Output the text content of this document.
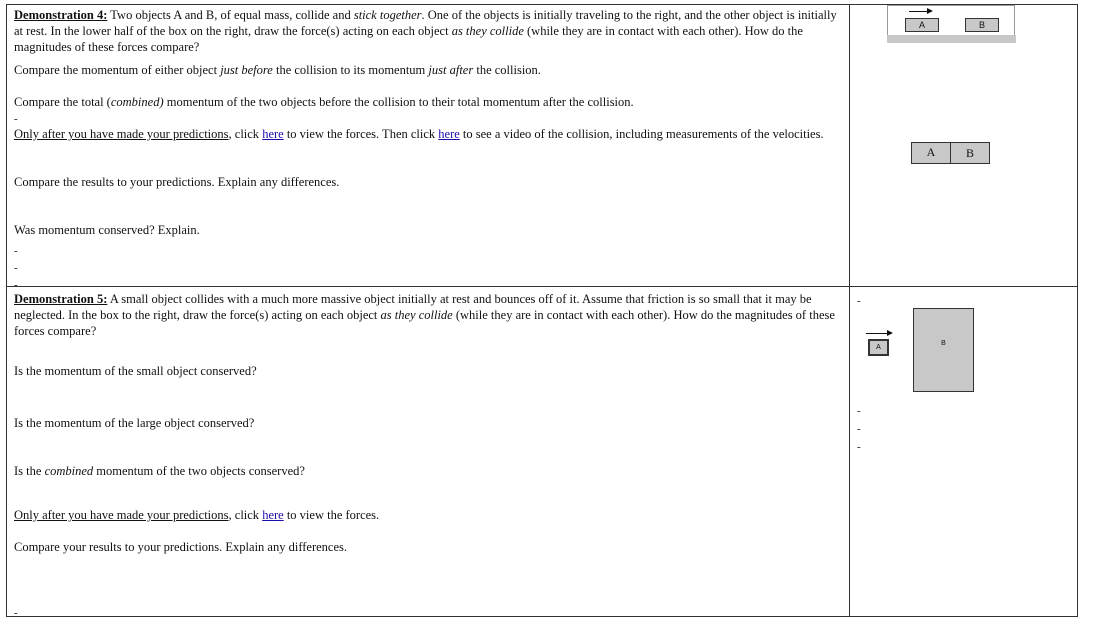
Demonstration 4: Two objects A and B, of equal mass, collide and stick together. One of the objects is initially traveling to the right, and the other object is initially at rest. In the lower half of the box on the right, draw the force(s) acting on each object as they collide (while they are in contact with each other). How do the magnitudes of these forces compare?
Compare the momentum of either object just before the collision to its momentum just after the collision.
Compare the total (combined) momentum of the two objects before the collision to their total momentum after the collision.
-
Only after you have made your predictions, click here to view the forces. Then click here to see a video of the collision, including measurements of the velocities.
Compare the results to your predictions. Explain any differences.
Was momentum conserved? Explain.
-
-
-
A	B
A	B
Demonstration 5: A small object collides with a much more massive object initially at rest and bounces off of it. Assume that friction is so small that it may be neglected. In the box to the right, draw the force(s) acting on each object as they collide (while they are in contact with each other). How do the magnitudes of these forces compare?
Is the momentum of the small object conserved?
Is the momentum of the large object conserved?
Is the combined momentum of the two objects conserved?
Only after you have made your predictions, click here to view the forces.
Compare your results to your predictions. Explain any differences.
-
-
-
-
-
A
B
